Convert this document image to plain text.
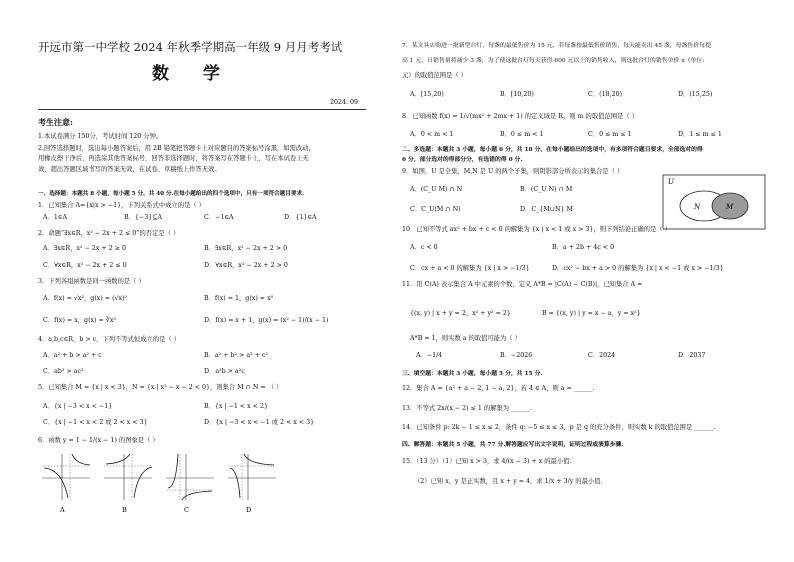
开远市第一中学校 2024 年秋季学期高一年级 9 月月考考试
数 学
2024. 09
考生注意:
1.本试卷满分 150分，考试时间 120 分钟。
2.回答选择题时，选出每小题答案后，用 2B 铅笔把答题卡上对应题目的答案标号涂黑，如需改动，
用橡皮擦干净后，再选涂其他答案标号，回答非选择题时，将答案写在答题卡上，写在本试卷上无
效，超出答题区域书写的答案无效，在试卷、草稿纸上作答无效。
一、选择题：本题共 8 小题，每小题 5 分，共 40 分.在每小题给出的四个选项中，只有一项符合题目要求.
1．已知集合 A={x|x > −1}，下列关系式中成立的是（ ）
A．1∈A	B．{−3}⊆A	C．−1∈A	D．{1}∈A
2．命题“∃x∈R，x² − 2x + 2 ≤ 0”的否定是（ ）
A．∃x∈R，x² − 2x + 2 ≥ 0	B．∃x∈R，x² − 2x + 2 > 0
C．∀x∈R，x² − 2x + 2 ≤ 0	D．∀x∈R，x² − 2x + 2 > 0
3．下列各组函数是同一函数的是（ ）
A．f(x) = √x²，g(x) = (√x)²	B．f(x) = 1，g(x) = x⁰
C．f(x) = x，g(x) = ∛x³	D．f(x) = x + 1，g(x) = (x² − 1)/(x − 1)
4．a,b,c∈R，b > c，下列不等式恒成立的是（ ）
A．a² + b > a² + c	B．a² + b² > a² + c²
C．ab² > ac²	D．a²b > a²c
5．已知集合 M = {x | x < 3}，N = {x | x² − x − 2 < 0}，则集合 M ∩ N = （ ）
A．{x | −3 < x < −1}	B．{x | −1 < x < 2}
C．{x | −1 < x < 2 或 2 < x < 3}	D．{x | −3 < x < −1 或 2 < x < 3}
6．函数 y = 1 − 1/(x − 1) 的图象是（ ）
A	B	C	D
7．某文具店购进一批新型台灯，每盏的最低售价为 15 元，若每盏按最低售价销售，每天能卖出 45 盏，每盏售价每提
高 1 元，日销售量将减少 3 盏，为了使这批台灯每天获得 600 元以上的销售收入，则这批台灯的销售单价 x（单位：
元）的取值范围是（ ）
A．[15,20)	B．[10,20)	C．(18,20)	D．(15,25)
8．已知函数 f(x) = 1/√(mx² + 2mx + 1) 的定义域是 R，则 m 的取值范围是（ ）
A．0 < m < 1	B．0 ≤ m < 1	C．0 ≤ m ≤ 1	D．1 ≤ m ≤ 1
二、多选题：本题共 3 小题，每小题 6 分，共 18 分，在每小题给出的选项中，有多项符合题目要求，全部选对的得
6 分，部分选对的得部分分，有选错的得 0 分.
9．如图，U 是全集，M,N 是 U 的两个子集，则阴影部分所表示的集合是（ ）
A．(C_U M) ∩ N	B．(C_U N) ∩ M
C．C_U(M ∩ N)	D．C_{M∪N} M
U
N	M
10．已知不等式 ax² + bx + c < 0 的解集为 {x | x < 1 或 x > 3}，则下列结论正确的是（ ）
A．c < 0	B．a + 2b + 4c < 0
C．cx + a < 0 的解集为 {x | x > −1/3}	D．cx² − bx + a > 0 的解集为 {x | x < −1 或 x > −1/3}
11．用 C(A) 表示集合 A 中元素的个数，定义 A*B = |C(A) − C(B)|，已知集合 A =
{(x, y) | x + y = 2，x² + y² = 2}	B = {(x, y) | y = x − a，y = x²}
A*B = 1，则实数 a 的取值可能为（ ）
A．−1/4	B．−2026	C．2024	D．2037
三、填空题：本题共 3 小题，每小题 5 分，共 15 分.
12．集合 A = {a² + a − 2, 1 − a, 2}，若 4 ∈ A，则 a = ______.
13．不等式 2x/(x − 2) ≤ 1 的解集为 ______.
14．已知条件 p: 2k − 1 ≤ x ≤ 2，条件 q: −5 ≤ x ≤ 3，p 是 q 的充分条件，则实数 k 的取值范围是 ______.
四、解答题：本题共 5 小题，共 77 分.解答题应写出文字说明，证明过程或演算步骤.
15．（13 分）（1）已知 x > 3，求 4/(x − 3) + x 的最小值.
（2）已知 x，y 是正实数，且 x + y = 4，求 1/x + 3/y 的最小值.
